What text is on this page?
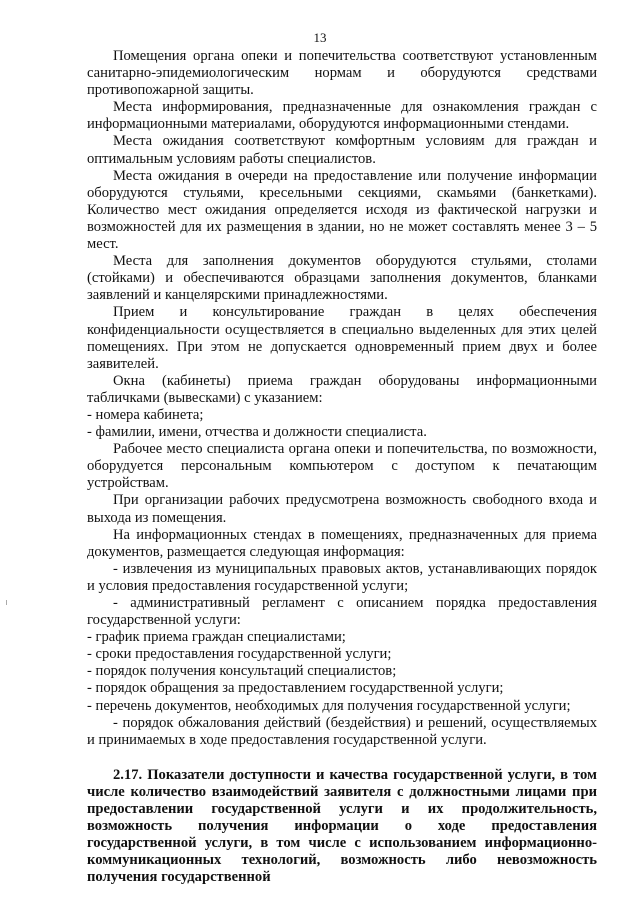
13

Помещения органа опеки и попечительства соответствуют установленным санитарно-эпидемиологическим нормам и оборудуются средствами противопожарной защиты.

Места информирования, предназначенные для ознакомления граждан с информационными материалами, оборудуются информационными стендами.

Места ожидания соответствуют комфортным условиям для граждан и оптимальным условиям работы специалистов.

Места ожидания в очереди на предоставление или получение информации оборудуются стульями, кресельными секциями, скамьями (банкетками). Количество мест ожидания определяется исходя из фактической нагрузки и возможностей для их размещения в здании, но не может составлять менее 3 – 5 мест.

Места для заполнения документов оборудуются стульями, столами (стойками) и обеспечиваются образцами заполнения документов, бланками заявлений и канцелярскими принадлежностями.

Прием и консультирование граждан в целях обеспечения конфиденциальности осуществляется в специально выделенных для этих целей помещениях. При этом не допускается одновременный прием двух и более заявителей.

Окна (кабинеты) приема граждан оборудованы информационными табличками (вывесками) с указанием:

- номера кабинета;

- фамилии, имени, отчества и должности специалиста.

Рабочее место специалиста органа опеки и попечительства, по возможности, оборудуется персональным компьютером с доступом к печатающим устройствам.

При организации рабочих предусмотрена возможность свободного входа и выхода из помещения.

На информационных стендах в помещениях, предназначенных для приема документов, размещается следующая информация:

- извлечения из муниципальных правовых актов, устанавливающих порядок и условия предоставления государственной услуги;

- административный регламент с описанием порядка предоставления государственной услуги:

- график приема граждан специалистами;

- сроки предоставления государственной услуги;

- порядок получения консультаций специалистов;

- порядок обращения за предоставлением государственной услуги;

- перечень документов, необходимых для получения государственной услуги;

- порядок обжалования действий (бездействия) и решений, осуществляемых и принимаемых в ходе предоставления государственной услуги.

2.17. Показатели доступности и качества государственной услуги, в том числе количество взаимодействий заявителя с должностными лицами при предоставлении государственной услуги и их продолжительность, возможность получения информации о ходе предоставления государственной услуги, в том числе с использованием информационно-коммуникационных технологий, возможность либо невозможность получения государственной
